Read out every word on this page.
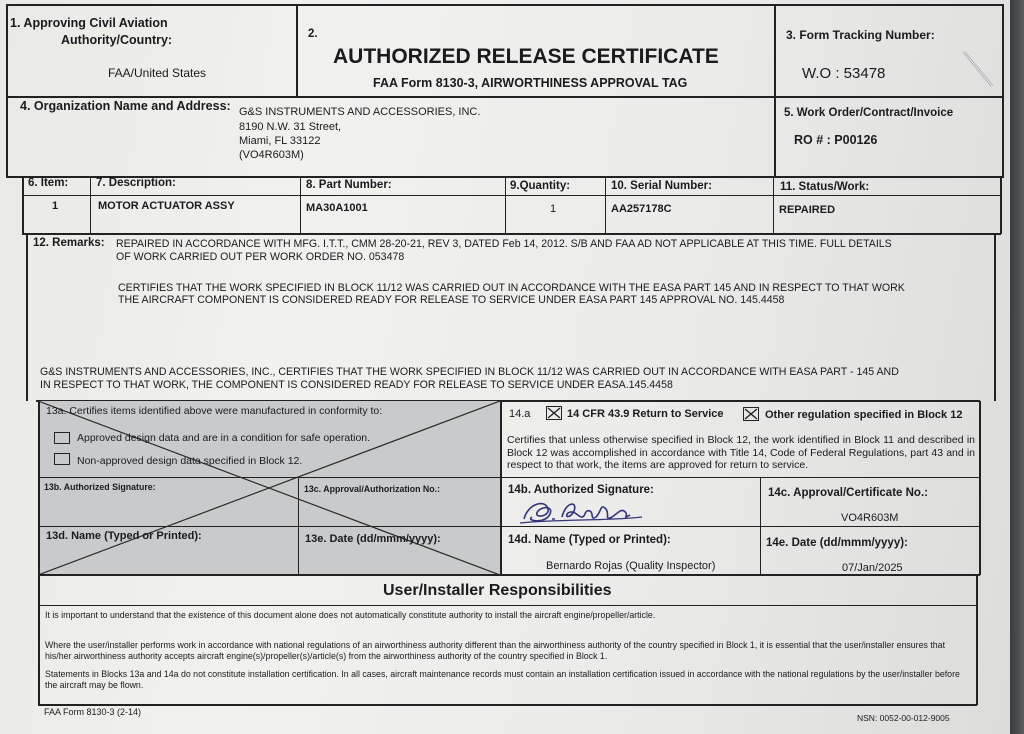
1. Approving Civil Aviation

Authority/Country:

FAA/United States

2.

AUTHORIZED RELEASE CERTIFICATE

FAA Form 8130-3, AIRWORTHINESS APPROVAL TAG

3. Form Tracking Number:

W.O : 53478

4. Organization Name and Address: G&S INSTRUMENTS AND ACCESSORIES, INC.

8190 N.W. 31 Street,

Miami, FL 33122

(VO4R603M)

5. Work Order/Contract/Invoice

RO # : P00126

6. Item: 7. Description:	8. Part Number:	9.Quantity:	10. Serial Number:	11. Status/Work:

1	MOTOR ACTUATOR ASSY	MA30A1001	1	AA257178C	REPAIRED

12. Remarks: REPAIRED IN ACCORDANCE WITH MFG. I.T.T., CMM 28-20-21, REV 3, DATED Feb 14, 2012. S/B AND FAA AD NOT APPLICABLE AT THIS TIME. FULL DETAILS

OF WORK CARRIED OUT PER WORK ORDER NO. 053478

CERTIFIES THAT THE WORK SPECIFIED IN BLOCK 11/12 WAS CARRIED OUT IN ACCORDANCE WITH THE EASA PART 145 AND IN RESPECT TO THAT WORK

THE AIRCRAFT COMPONENT IS CONSIDERED READY FOR RELEASE TO SERVICE UNDER EASA PART 145 APPROVAL NO. 145.4458

G&S INSTRUMENTS AND ACCESSORIES, INC., CERTIFIES THAT THE WORK SPECIFIED IN BLOCK 11/12 WAS CARRIED OUT IN ACCORDANCE WITH EASA PART - 145 AND

IN RESPECT TO THAT WORK, THE COMPONENT IS CONSIDERED READY FOR RELEASE TO SERVICE UNDER EASA.145.4458

13a. Certifies items identified above were manufactured in conformity to:

Approved design data and are in a condition for safe operation.

Non-approved design data specified in Block 12.

13b. Authorized Signature:	13c. Approval/Authorization No.:

13d. Name (Typed or Printed):	13e. Date (dd/mmm/yyyy):

14.a	14 CFR 43.9 Return to Service	Other regulation specified in Block 12

Certifies that unless otherwise specified in Block 12, the work identified in Block 11 and described in Block 12 was accomplished in accordance with Title 14, Code of Federal Regulations, part 43 and in respect to that work, the items are approved for return to service.

14b. Authorized Signature:	14c. Approval/Certificate No.:

VO4R603M

14d. Name (Typed or Printed):

Bernardo Rojas (Quality Inspector)

14e. Date (dd/mmm/yyyy):

07/Jan/2025

User/Installer Responsibilities

It is important to understand that the existence of this document alone does not automatically constitute authority to install the aircraft engine/propeller/article.

Where the user/installer performs work in accordance with national regulations of an airworthiness authority different than the airworthiness authority of the country specified in Block 1, it is essential that the user/installer ensures that his/her airworthiness authority accepts aircraft engine(s)/propeller(s)/article(s) from the airworthiness authority of the country specified in Block 1.

Statements in Blocks 13a and 14a do not constitute installation certification. In all cases, aircraft maintenance records must contain an installation certification issued in accordance with the national regulations by the user/installer before the aircraft may be flown.

FAA Form 8130-3 (2-14)

NSN: 0052-00-012-9005
